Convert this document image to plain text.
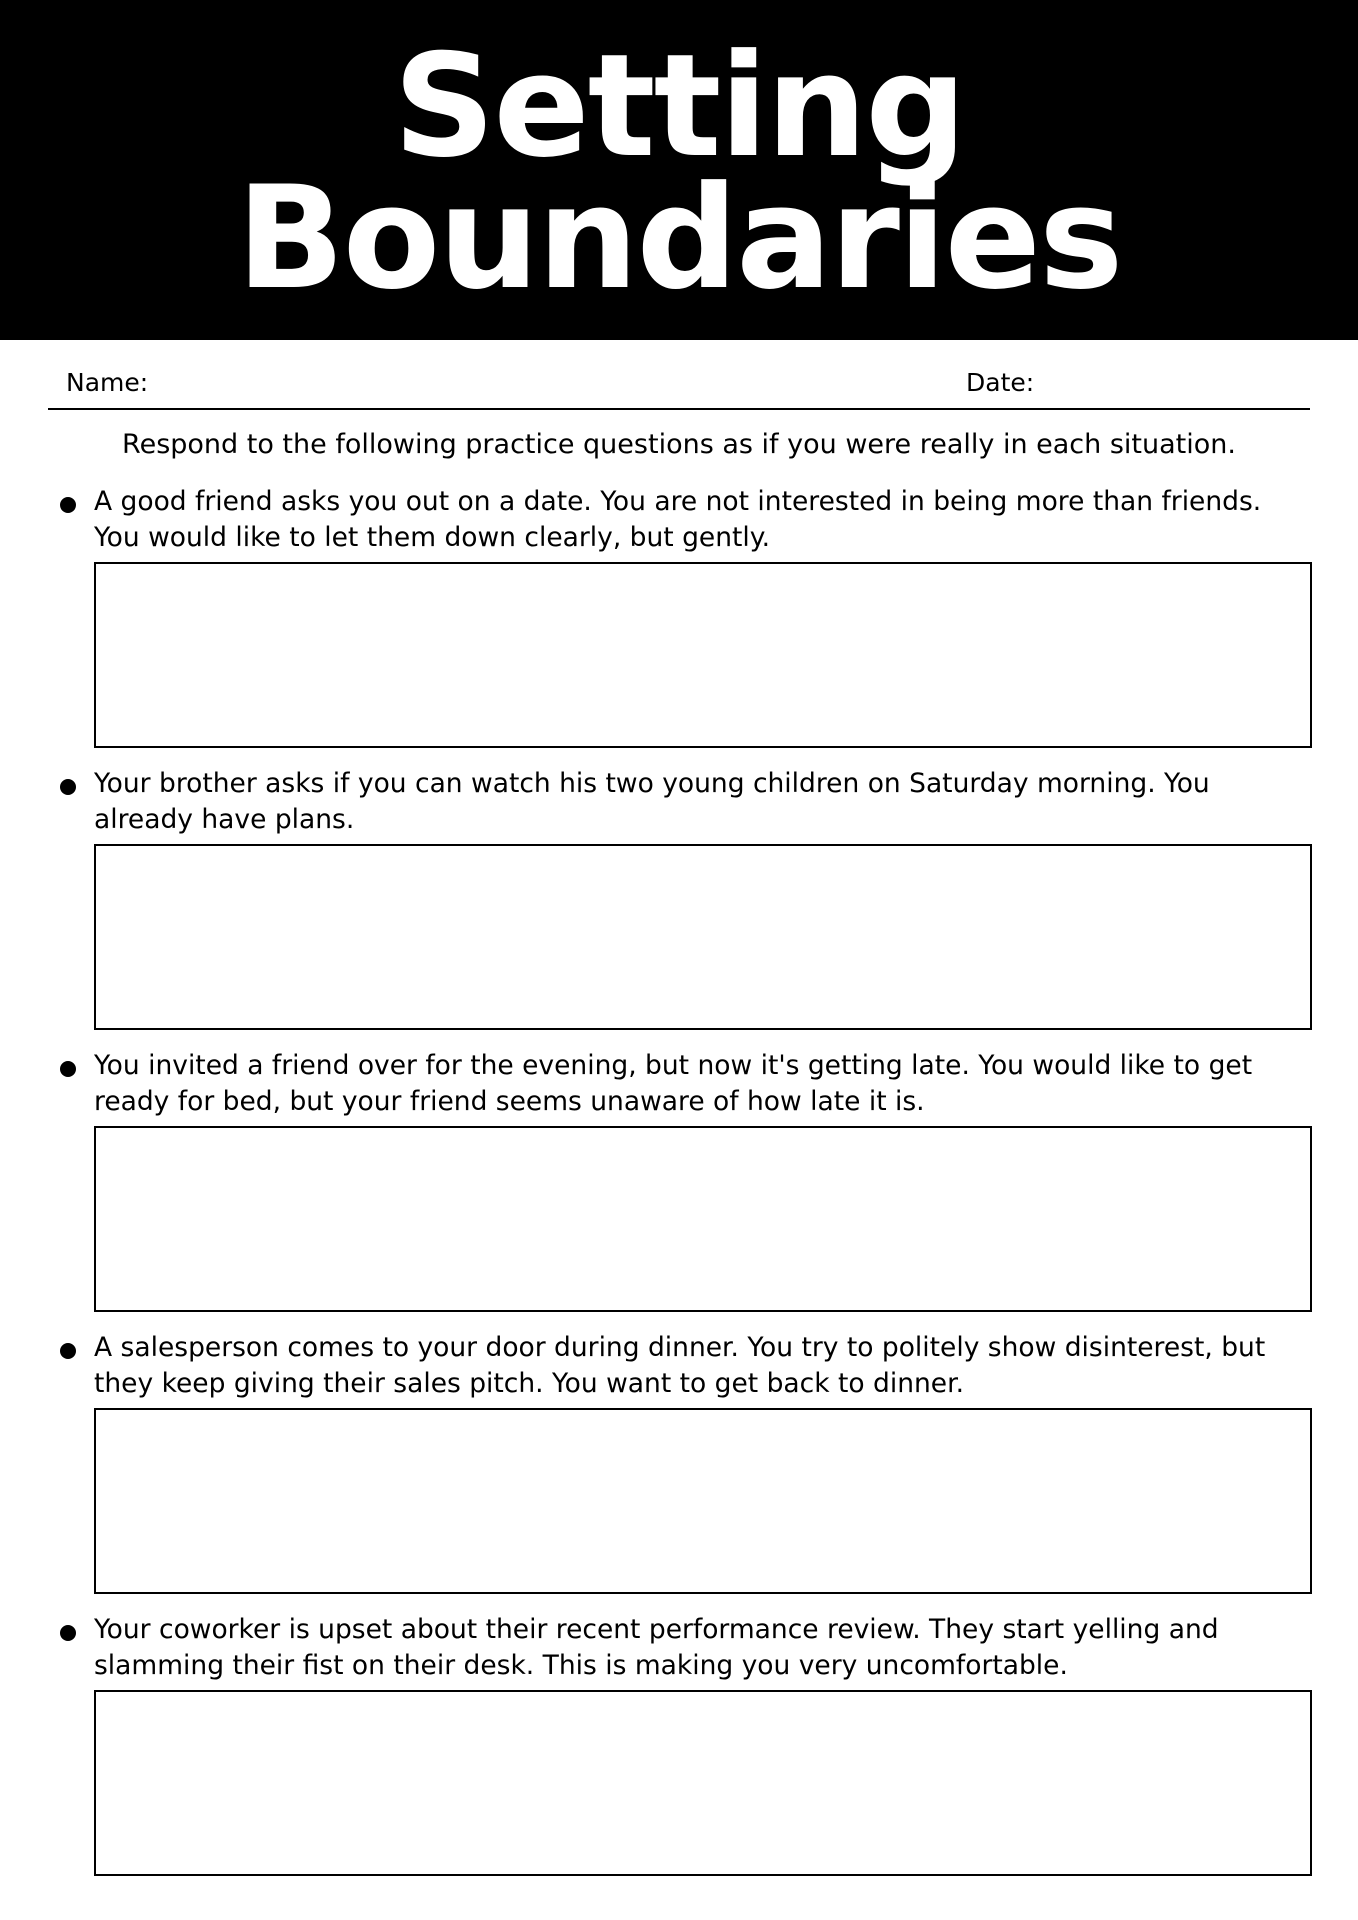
Setting
Boundaries
Name:	Date:
Respond to the following practice questions as if you were really in each situation.
A good friend asks you out on a date. You are not interested in being more than friends.
You would like to let them down clearly, but gently.
Your brother asks if you can watch his two young children on Saturday morning. You
already have plans.
You invited a friend over for the evening, but now it's getting late. You would like to get
ready for bed, but your friend seems unaware of how late it is.
A salesperson comes to your door during dinner. You try to politely show disinterest, but
they keep giving their sales pitch. You want to get back to dinner.
Your coworker is upset about their recent performance review. They start yelling and
slamming their fist on their desk. This is making you very uncomfortable.
